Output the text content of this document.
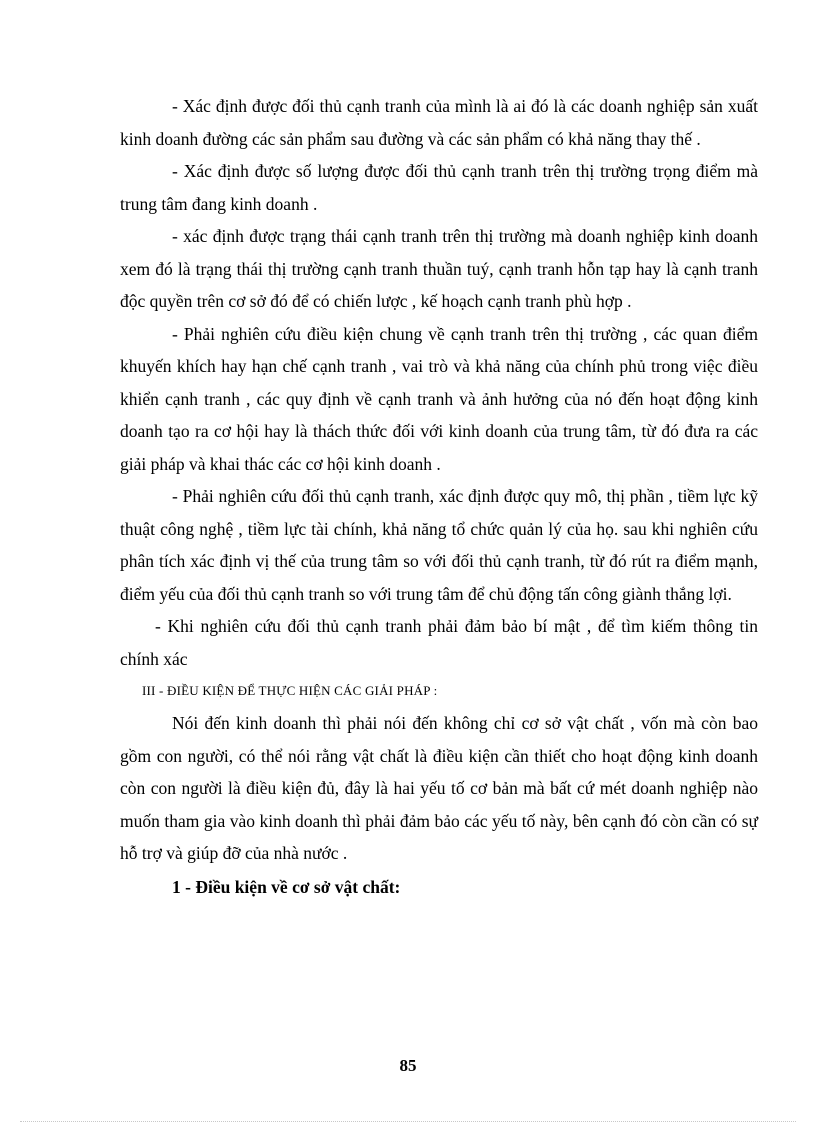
- Xác định được đối thủ cạnh tranh của mình là ai đó là các doanh nghiệp sản xuất kinh doanh đường các sản phẩm sau đường và các sản phẩm có khả năng thay thế .

- Xác định được số lượng được đối thủ cạnh tranh trên thị trường trọng điểm mà trung tâm đang kinh doanh .

- xác định được trạng thái cạnh tranh trên thị trường mà doanh nghiệp kinh doanh xem đó là trạng thái thị trường cạnh tranh thuần tuý, cạnh tranh hỗn tạp hay là cạnh tranh độc quyền trên cơ sở đó để có chiến lược , kế hoạch cạnh tranh phù hợp .

- Phải nghiên cứu điều kiện chung về cạnh tranh trên thị trường , các quan điểm khuyến khích hay hạn chế cạnh tranh , vai trò và khả năng của chính phủ trong việc điều khiển cạnh tranh , các quy định về cạnh tranh và ảnh hưởng của nó đến hoạt động kinh doanh tạo ra cơ hội hay là thách thức đối với kinh doanh của trung tâm, từ đó đưa ra các giải pháp và khai thác các cơ hội kinh doanh .

- Phải nghiên cứu đối thủ cạnh tranh, xác định được quy mô, thị phần , tiềm lực kỹ thuật công nghệ , tiềm lực tài chính, khả năng tổ chức quản lý của họ. sau khi nghiên cứu phân tích xác định vị thế của trung tâm so với đối thủ cạnh tranh, từ đó rút ra điểm mạnh, điểm yếu của đối thủ cạnh tranh so với trung tâm để chủ động tấn công giành thắng lợi.

- Khi nghiên cứu đối thủ cạnh tranh phải đảm bảo bí mật , để tìm kiếm thông tin chính xác

III - ĐIỀU KIỆN ĐỂ THỰC HIỆN CÁC GIẢI PHÁP :

Nói đến kinh doanh thì phải nói đến không chỉ cơ sở vật chất , vốn mà còn bao gồm con người, có thể nói rằng vật chất là điều kiện cần thiết cho hoạt động kinh doanh còn con người là điều kiện đủ, đây là hai yếu tố cơ bản mà bất cứ mét doanh nghiệp nào muốn tham gia vào kinh doanh thì phải đảm bảo các yếu tố này, bên cạnh đó còn cần có sự hỗ trợ và giúp đỡ của nhà nước .

1 - Điều kiện về cơ sở vật chất:

85
